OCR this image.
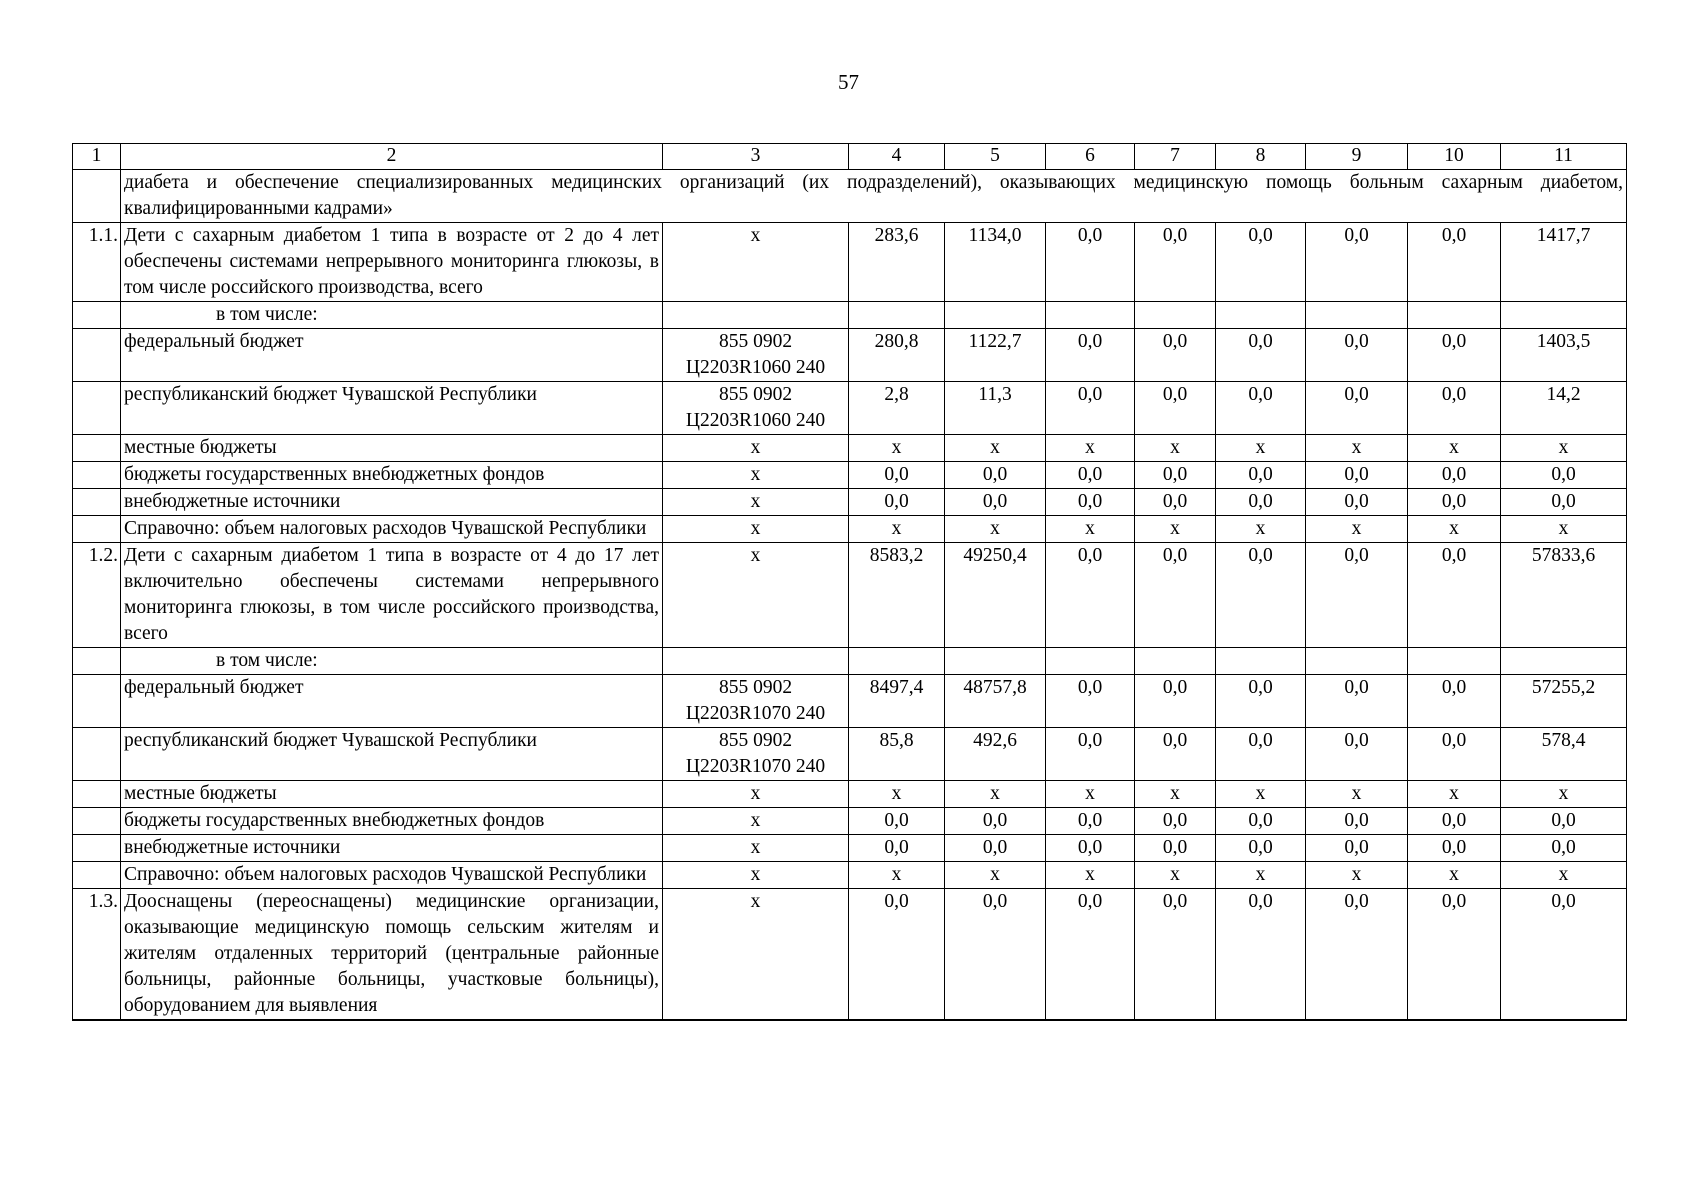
57
1	2	3	4	5	6	7	8	9	10	11
	диабета и обеспечение специализированных медицинских организаций (их подразделений), оказывающих медицинскую помощь больным сахарным диабетом, квалифицированными кадрами»									
1.1.	Дети с сахарным диабетом 1 типа в возрасте от 2 до 4 лет обеспечены системами непрерывного мониторинга глюкозы, в том числе российского производства, всего	х	283,6	1134,0	0,0	0,0	0,0	0,0	0,0	1417,7
	в том числе:									
	федеральный бюджет	855 0902 Ц2203R1060 240	280,8	1122,7	0,0	0,0	0,0	0,0	0,0	1403,5
	республиканский бюджет Чувашской Республики	855 0902 Ц2203R1060 240	2,8	11,3	0,0	0,0	0,0	0,0	0,0	14,2
	местные бюджеты	х	х	х	х	х	х	х	х	х
	бюджеты государственных внебюджетных фондов	х	0,0	0,0	0,0	0,0	0,0	0,0	0,0	0,0
	внебюджетные источники	х	0,0	0,0	0,0	0,0	0,0	0,0	0,0	0,0
	Справочно: объем налоговых расходов Чувашской Республики	х	х	х	х	х	х	х	х	х
1.2.	Дети с сахарным диабетом 1 типа в возрасте от 4 до 17 лет включительно обеспечены системами непрерывного мониторинга глюкозы, в том числе российского производства, всего	х	8583,2	49250,4	0,0	0,0	0,0	0,0	0,0	57833,6
	в том числе:									
	федеральный бюджет	855 0902 Ц2203R1070 240	8497,4	48757,8	0,0	0,0	0,0	0,0	0,0	57255,2
	республиканский бюджет Чувашской Республики	855 0902 Ц2203R1070 240	85,8	492,6	0,0	0,0	0,0	0,0	0,0	578,4
	местные бюджеты	х	х	х	х	х	х	х	х	х
	бюджеты государственных внебюджетных фондов	х	0,0	0,0	0,0	0,0	0,0	0,0	0,0	0,0
	внебюджетные источники	х	0,0	0,0	0,0	0,0	0,0	0,0	0,0	0,0
	Справочно: объем налоговых расходов Чувашской Республики	х	х	х	х	х	х	х	х	х
1.3.	Дооснащены (переоснащены) медицинские организации, оказывающие медицинскую помощь сельским жителям и жителям отдаленных территорий (центральные районные больницы, районные больницы, участковые больницы), оборудованием для выявления	х	0,0	0,0	0,0	0,0	0,0	0,0	0,0	0,0
